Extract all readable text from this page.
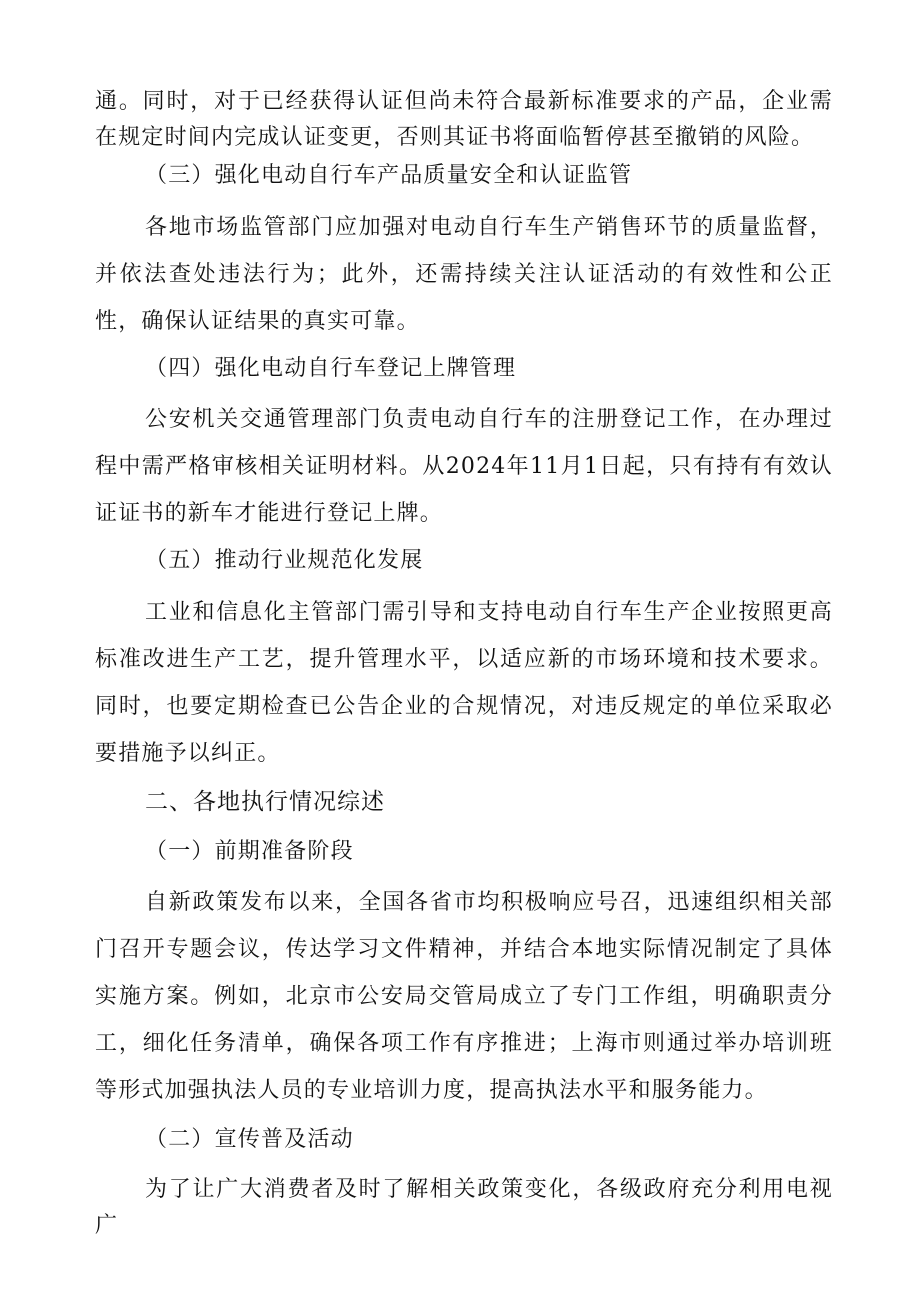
通。同时，对于已经获得认证但尚未符合最新标准要求的产品，企业需在规定时间内完成认证变更，否则其证书将面临暂停甚至撤销的风险。

（三）强化电动自行车产品质量安全和认证监管

各地市场监管部门应加强对电动自行车生产销售环节的质量监督，并依法查处违法行为；此外，还需持续关注认证活动的有效性和公正性，确保认证结果的真实可靠。

（四）强化电动自行车登记上牌管理

公安机关交通管理部门负责电动自行车的注册登记工作，在办理过程中需严格审核相关证明材料。从2024年11月1日起，只有持有有效认证证书的新车才能进行登记上牌。

（五）推动行业规范化发展

工业和信息化主管部门需引导和支持电动自行车生产企业按照更高标准改进生产工艺，提升管理水平，以适应新的市场环境和技术要求。同时，也要定期检查已公告企业的合规情况，对违反规定的单位采取必要措施予以纠正。

二、各地执行情况综述

（一）前期准备阶段

自新政策发布以来，全国各省市均积极响应号召，迅速组织相关部门召开专题会议，传达学习文件精神，并结合本地实际情况制定了具体实施方案。例如，北京市公安局交管局成立了专门工作组，明确职责分工，细化任务清单，确保各项工作有序推进；上海市则通过举办培训班等形式加强执法人员的专业培训力度，提高执法水平和服务能力。

（二）宣传普及活动

为了让广大消费者及时了解相关政策变化，各级政府充分利用电视广
